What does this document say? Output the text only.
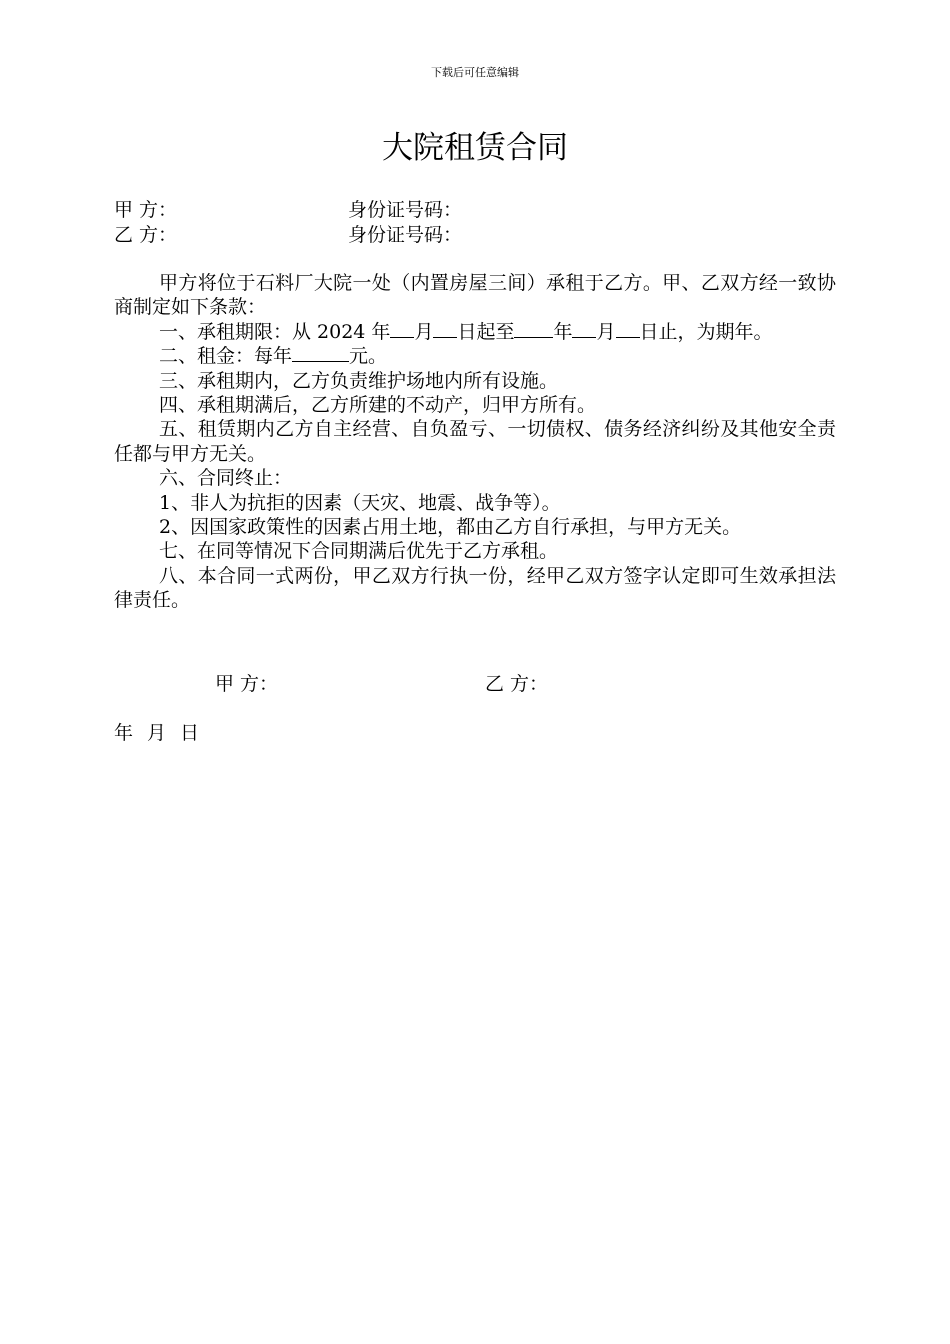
下载后可任意编辑
大院租赁合同
甲 方：	身份证号码：
乙 方：	身份证号码：

甲方将位于石料厂大院一处（内置房屋三间）承租于乙方。甲、乙双方经一致协商制定如下条款：

一、承租期限：从 2024 年 月 日起至 年 月 日止，为期年。

二、租金：每年	元。

三、承租期内，乙方负责维护场地内所有设施。

四、承租期满后，乙方所建的不动产，归甲方所有。

五、租赁期内乙方自主经营、自负盈亏、一切债权、债务经济纠纷及其他安全责任都与甲方无关。

六、合同终止：

1、非人为抗拒的因素（天灾、地震、战争等）。

2、因国家政策性的因素占用土地，都由乙方自行承担，与甲方无关。

七、在同等情况下合同期满后优先于乙方承租。

八、本合同一式两份，甲乙双方行执一份，经甲乙双方签字认定即可生效承担法律责任。

甲 方：	乙 方：
年 月 日
